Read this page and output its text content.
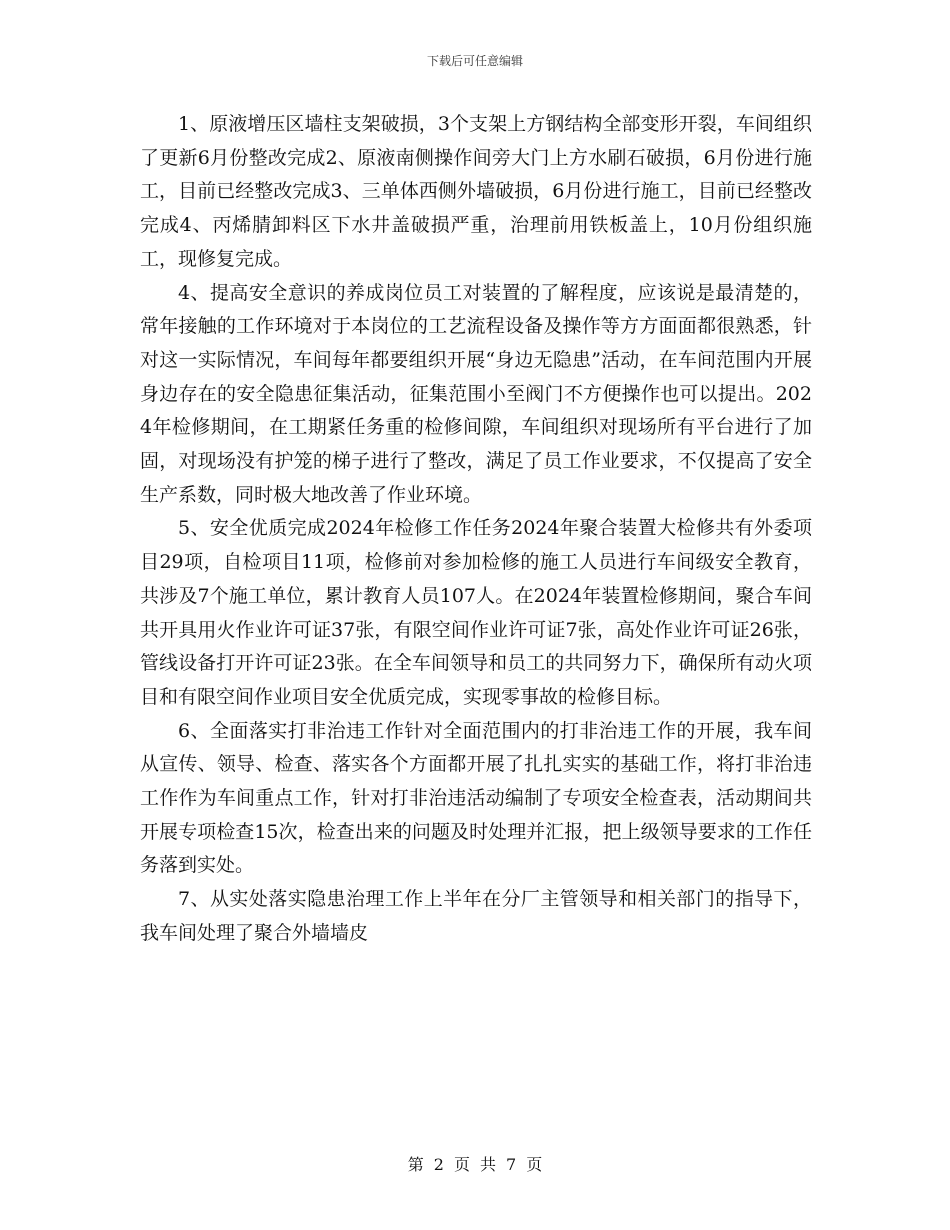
下载后可任意编辑

1、原液增压区墙柱支架破损，3个支架上方钢结构全部变形开裂，车间组织了更新6月份整改完成2、原液南侧操作间旁大门上方水刷石破损，6月份进行施工，目前已经整改完成3、三单体西侧外墙破损，6月份进行施工，目前已经整改完成4、丙烯腈卸料区下水井盖破损严重，治理前用铁板盖上，10月份组织施工，现修复完成。

4、提高安全意识的养成岗位员工对装置的了解程度，应该说是最清楚的，常年接触的工作环境对于本岗位的工艺流程设备及操作等方方面面都很熟悉，针对这一实际情况，车间每年都要组织开展“身边无隐患”活动，在车间范围内开展身边存在的安全隐患征集活动，征集范围小至阀门不方便操作也可以提出。2024年检修期间，在工期紧任务重的检修间隙，车间组织对现场所有平台进行了加固，对现场没有护笼的梯子进行了整改，满足了员工作业要求，不仅提高了安全生产系数，同时极大地改善了作业环境。

5、安全优质完成2024年检修工作任务2024年聚合装置大检修共有外委项目29项，自检项目11项，检修前对参加检修的施工人员进行车间级安全教育，共涉及7个施工单位，累计教育人员107人。在2024年装置检修期间，聚合车间共开具用火作业许可证37张，有限空间作业许可证7张，高处作业许可证26张，管线设备打开许可证23张。在全车间领导和员工的共同努力下，确保所有动火项目和有限空间作业项目安全优质完成，实现零事故的检修目标。

6、全面落实打非治违工作针对全面范围内的打非治违工作的开展，我车间从宣传、领导、检查、落实各个方面都开展了扎扎实实的基础工作，将打非治违工作作为车间重点工作，针对打非治违活动编制了专项安全检查表，活动期间共开展专项检查15次，检查出来的问题及时处理并汇报，把上级领导要求的工作任务落到实处。

7、从实处落实隐患治理工作上半年在分厂主管领导和相关部门的指导下，我车间处理了聚合外墙墙皮

第 2 页 共 7 页
